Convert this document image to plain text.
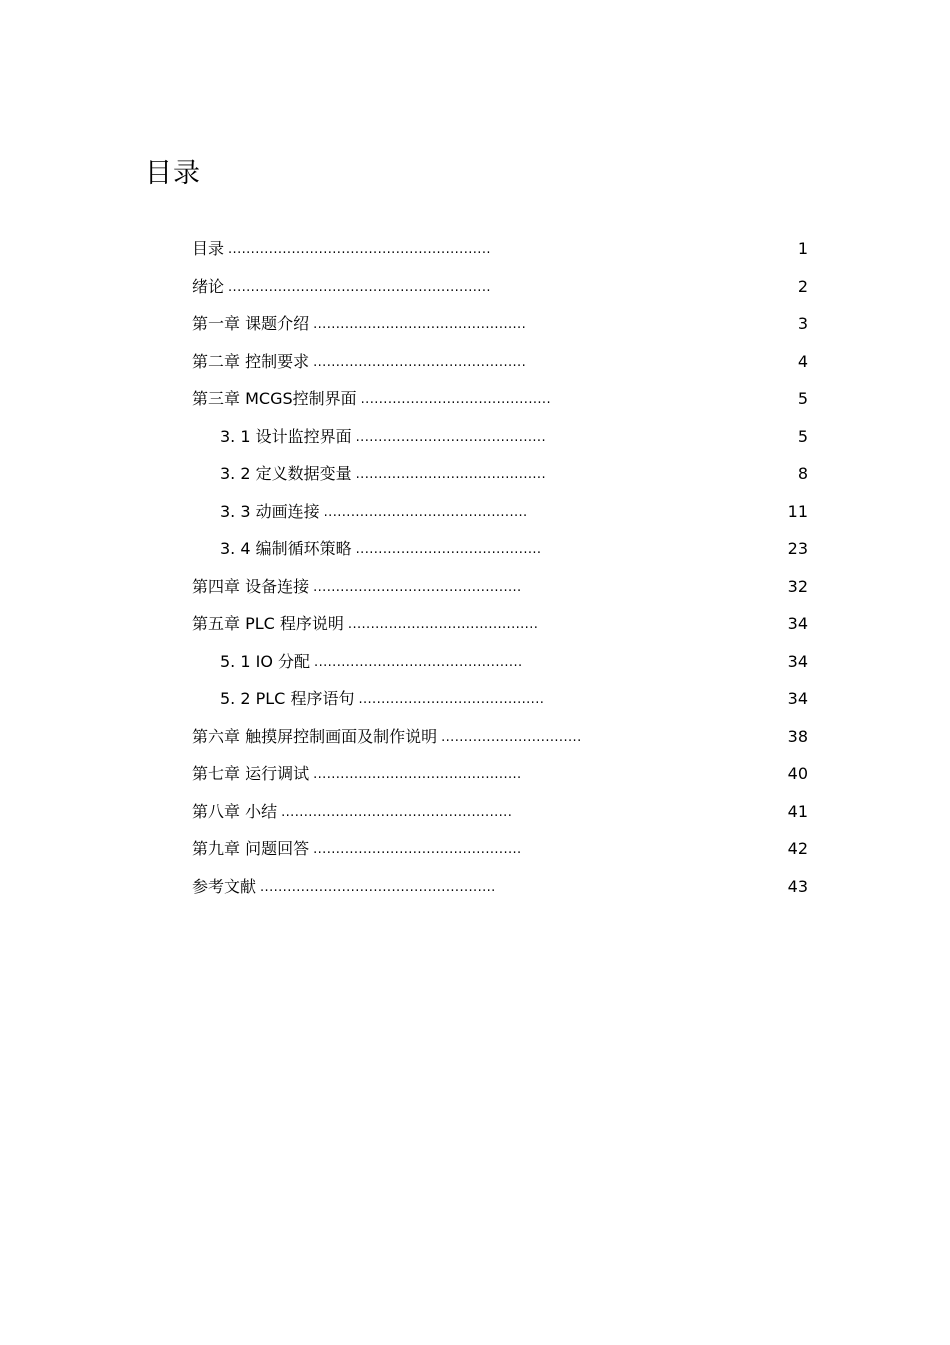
目录
目录 ..........................................................	1
绪论 ..........................................................	2
第一章 课题介绍 ...............................................	3
第二章 控制要求 ...............................................	4
第三章 MCGS控制界面 ..........................................	5
3. 1 设计监控界面 ..........................................	5
3. 2 定义数据变量 ..........................................	8
3. 3 动画连接 .............................................	11
3. 4 编制循环策略 .........................................	23
第四章 设备连接 ..............................................	32
第五章 PLC 程序说明 ..........................................	34
5. 1 IO 分配 ..............................................	34
5. 2 PLC 程序语句 .........................................	34
第六章 触摸屏控制画面及制作说明 ...............................	38
第七章 运行调试 ..............................................	40
第八章 小结 ...................................................	41
第九章 问题回答 ..............................................	42
参考文献 ....................................................	43
